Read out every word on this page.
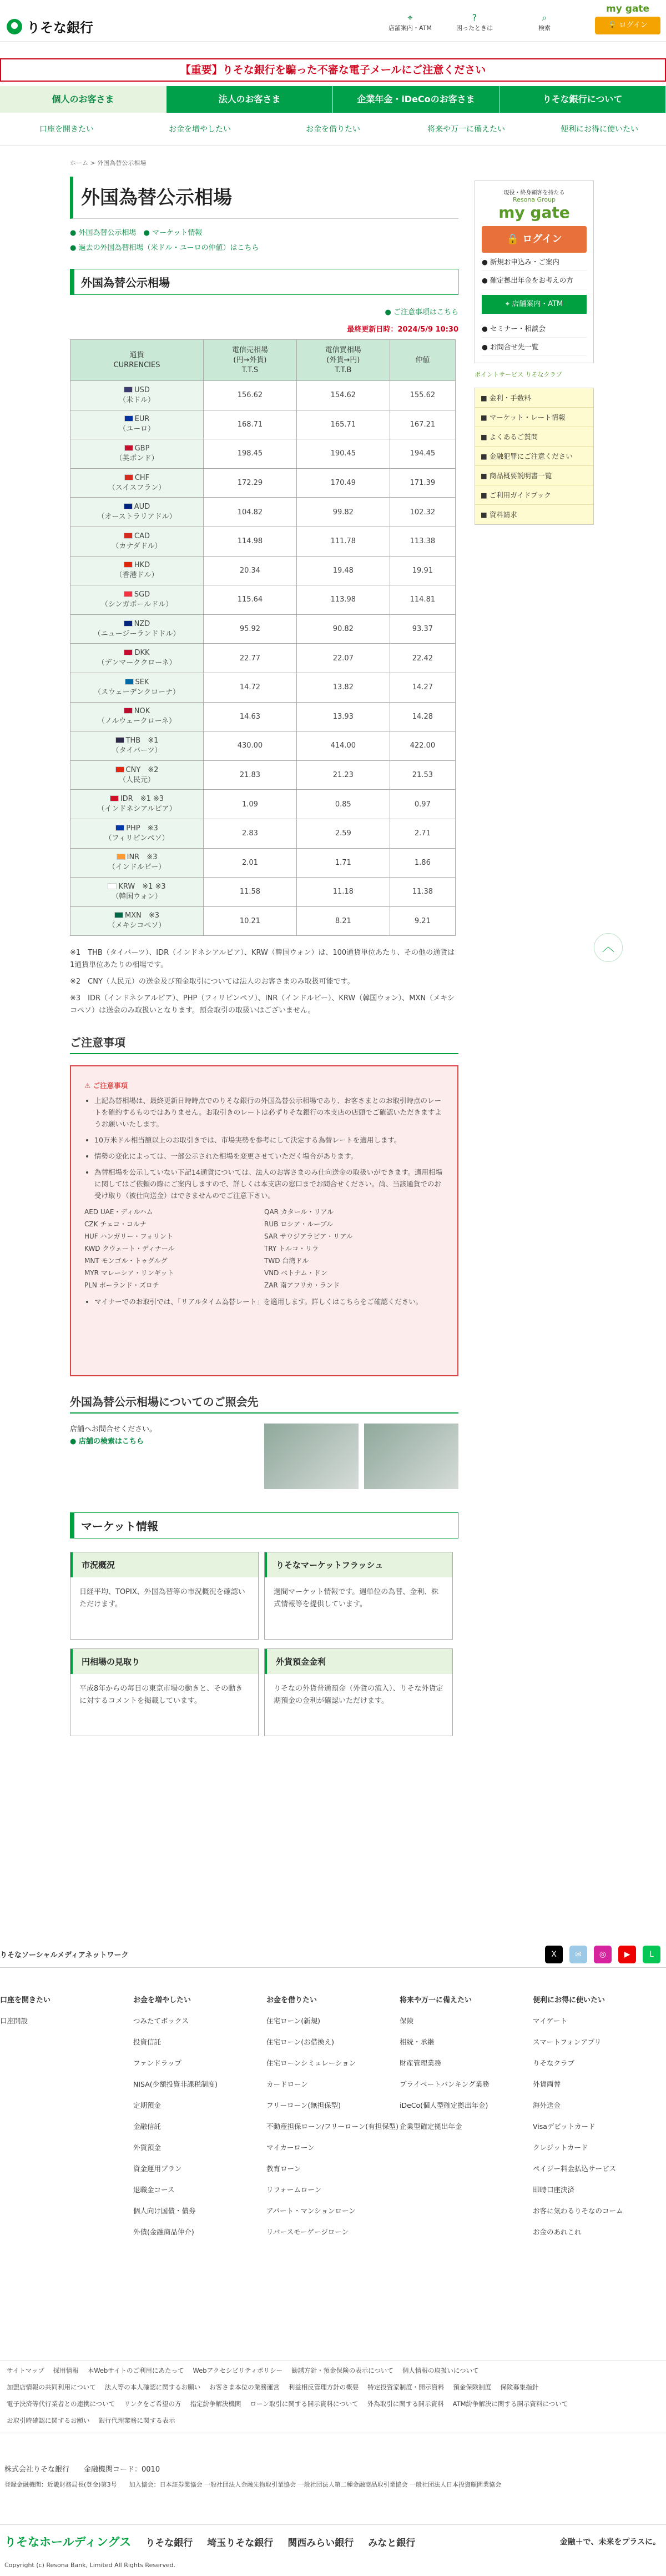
りそな銀行
⌖
店舗案内・ATM
?
困ったときは
⌕
検索
my gate
🔒 ログイン
【重要】りそな銀行を騙った不審な電子メールにご注意ください
個人のお客さま	法人のお客さま	企業年金・iDeCoのお客さま	りそな銀行について
口座を開きたい	お金を増やしたい	お金を借りたい	将来や万一に備えたい	便利にお得に使いたい
ホーム > 外国為替公示相場
外国為替公示相場
● 外国為替公示相場　● マーケット情報
● 過去の外国為替相場（米ドル・ユーロの仲値）はこちら
外国為替公示相場
● ご注意事項はこちら
最終更新日時：2024/5/9 10:30
通貨
CURRENCIES	電信売相場
(円→外貨)
T.T.S	電信買相場
(外貨→円)
T.T.B	仲値
USD
（米ドル）	156.62	154.62	155.62
EUR
（ユーロ）	168.71	165.71	167.21
GBP
（英ポンド）	198.45	190.45	194.45
CHF
（スイスフラン）	172.29	170.49	171.39
AUD
（オーストラリアドル）	104.82	99.82	102.32
CAD
（カナダドル）	114.98	111.78	113.38
HKD
（香港ドル）	20.34	19.48	19.91
SGD
（シンガポールドル）	115.64	113.98	114.81
NZD
（ニュージーランドドル）	95.92	90.82	93.37
DKK
（デンマーククローネ）	22.77	22.07	22.42
SEK
（スウェーデンクローナ）	14.72	13.82	14.27
NOK
（ノルウェークローネ）	14.63	13.93	14.28
THB　※1
（タイバーツ）	430.00	414.00	422.00
CNY　※2
（人民元）	21.83	21.23	21.53
IDR　※1 ※3
（インドネシアルピア）	1.09	0.85	0.97
PHP　※3
（フィリピンペソ）	2.83	2.59	2.71
INR　※3
（インドルピー）	2.01	1.71	1.86
KRW　※1 ※3
（韓国ウォン）	11.58	11.18	11.38
MXN　※3
（メキシコペソ）	10.21	8.21	9.21
※1　THB（タイバーツ）、IDR（インドネシアルピア）、KRW（韓国ウォン）は、100通貨単位あたり、その他の通貨は1通貨単位あたりの相場です。
※2　CNY（人民元）の送金及び預金取引については法人のお客さまのみ取扱可能です。
※3　IDR（インドネシアルピア）、PHP（フィリピンペソ）、INR（インドルピー）、KRW（韓国ウォン）、MXN（メキシコペソ）は送金のみ取扱いとなります。預金取引の取扱いはございません。
ご注意事項
⚠ ご注意事項
• 上記為替相場は、最終更新日時時点でのりそな銀行の外国為替公示相場であり、お客さまとのお取引時点のレートを確約するものではありません。お取引きのレートは必ずりそな銀行の本支店の店頭でご確認いただきますようお願いいたします。
• 10万米ドル相当額以上のお取引きでは、市場実勢を参考にして決定する為替レートを適用します。
• 情勢の変化によっては、一部公示された相場を変更させていただく場合があります。
• 為替相場を公示していない下記14通貨については、法人のお客さまのみ仕向送金の取扱いができます。適用相場に関してはご依頼の際にご案内しますので、詳しくは本支店の窓口までお問合せください。尚、当該通貨でのお受け取り（被仕向送金）はできませんのでご注意下さい。
AED UAE・ディルハム	QAR カタール・リアル
CZK チェコ・コルナ	RUB ロシア・ルーブル
HUF ハンガリー・フォリント	SAR サウジアラビア・リアル
KWD クウェート・ディナール	TRY トルコ・リラ
MNT モンゴル・トゥグルグ	TWD 台湾ドル
MYR マレーシア・リンギット	VND ベトナム・ドン
PLN ポーランド・ズロチ	ZAR 南アフリカ・ランド
• マイナーでのお取引では、「リアルタイム為替レート」を適用します。詳しくはこちらをご確認ください。
外国為替公示相場についてのご照会先
店舗へお問合せください。
● 店舗の検索はこちら
マーケット情報
市況概況
日経平均、TOPIX、外国為替等の市況概況を確認いただけます。
りそなマーケットフラッシュ
週間マーケット情報です。週単位の為替、金利、株式情報等を提供しています。

円相場の見取り
平成8年からの毎日の東京市場の動きと、その動きに対するコメントを掲載しています。
外貨預金金利
りそなの外貨普通預金（外貨の流入）、りそな外貨定期預金の金利が確認いただけます。
現役・終身顧客を持たる
Resona Group
my gate
🔒 ログイン
● 新規お申込み・ご案内
● 確定拠出年金をお考えの方
⌖ 店舗案内・ATM
● セミナー・相談会
● お問合せ先一覧
ポイントサービス りそなクラブ
■ 金利・手数料
■ マーケット・レート情報
■ よくあるご質問
■ 金融犯罪にご注意ください
■ 商品概要説明書一覧
■ ご利用ガイドブック
■ 資料請求
︿
りそなソーシャルメディアネットワーク	X	✉	◎	▶	L
口座を開きたい
口座開設
お金を増やしたい
つみたてボックス
投資信託
ファンドラップ
NISA(少額投資非課税制度)
定期預金
金融信託
外貨預金
資金運用プラン
退職金コース
個人向け国債・債券
外債(金融商品仲介)
お金を借りたい
住宅ローン(新規)
住宅ローン(お借換え)
住宅ローンシミュレーション
カードローン
フリーローン(無担保型)
不動産担保ローン/フリーローン(有担保型)
マイカーローン
教育ローン
リフォームローン
アパート・マンションローン
リバースモーゲージローン
将来や万一に備えたい
保険
相続・承継
財産管理業務
プライベートバンキング業務
iDeCo(個人型確定拠出年金)
企業型確定拠出年金
便利にお得に使いたい
マイゲート
スマートフォンアプリ
りそなクラブ
外貨両替
海外送金
Visaデビットカード
クレジットカード
ペイジー料金払込サービス
即時口座決済
お客に気わるりそなのコーム
お金のあれこれ
サイトマップ 採用情報 本Webサイトのご利用にあたって Webアクセシビリティポリシー 勧誘方針・預金保険の表示について 個人情報の取扱いについて
加盟店情報の共同利用について 法人等の本人確認に関するお願い お客さま本位の業務運営 利益相反管理方針の概要 特定投資家制度・開示資料 預金保険制度 保険募集指針
電子決済等代行業者との連携について リンクをご希望の方 指定紛争解決機関 ローン取引に関する開示資料について 外為取引に関する開示資料 ATM紛争解決に関する開示資料について
お取引時確認に関するお願い 銀行代理業務に関する表示
株式会社りそな銀行　　金融機関コード：0010
登録金融機関：近畿財務局長(登金)第3号　　加入協会：日本証券業協会 一般社団法人金融先物取引業協会 一般社団法人第二種金融商品取引業協会 一般社団法人日本投資顧問業協会
りそなホールディングス りそな銀行 埼玉りそな銀行 関西みらい銀行 みなと銀行	金融＋で、未来をプラスに。
Copyright (c) Resona Bank, Limited All Rights Reserved.
